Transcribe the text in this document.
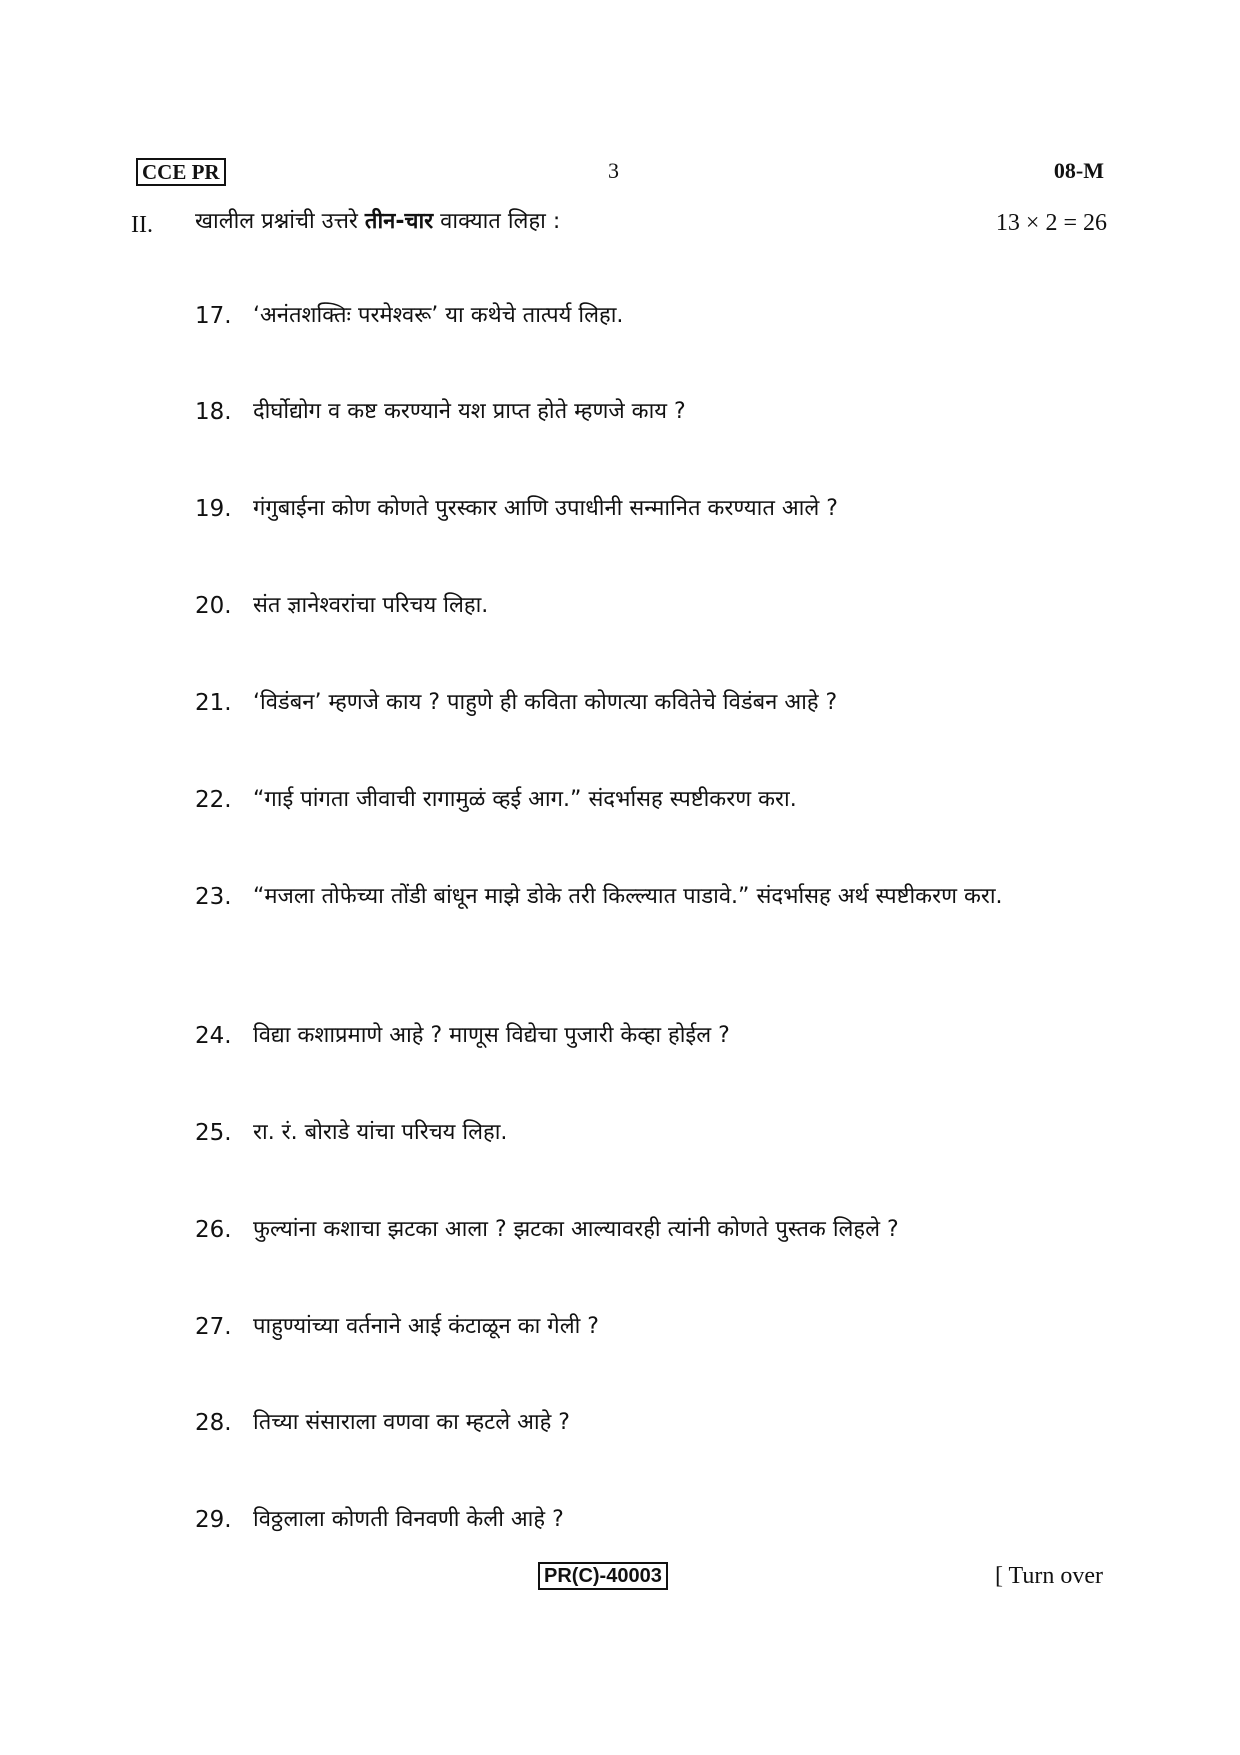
CCE PR	3	08-M
II. खालील प्रश्नांची उत्तरे तीन-चार वाक्यात लिहा :	13 × 2 = 26
17. ‘अनंतशक्तिः परमेश्वरू’ या कथेचे तात्पर्य लिहा.
18. दीर्घोद्योग व कष्ट करण्याने यश प्राप्त होते म्हणजे काय ?
19. गंगुबाईना कोण कोणते पुरस्कार आणि उपाधीनी सन्मानित करण्यात आले ?
20. संत ज्ञानेश्वरांचा परिचय लिहा.
21. ‘विडंबन’ म्हणजे काय ? पाहुणे ही कविता कोणत्या कवितेचे विडंबन आहे ?
22. “गाई पांगता जीवाची रागामुळं व्हई आग.” संदर्भासह स्पष्टीकरण करा.
23. “मजला तोफेच्या तोंडी बांधून माझे डोके तरी किल्ल्यात पाडावे.” संदर्भासह अर्थ स्पष्टीकरण करा.
24. विद्या कशाप्रमाणे आहे ? माणूस विद्येचा पुजारी केव्हा होईल ?
25. रा. रं. बोराडे यांचा परिचय लिहा.
26. फुल्यांना कशाचा झटका आला ? झटका आल्यावरही त्यांनी कोणते पुस्तक लिहले ?
27. पाहुण्यांच्या वर्तनाने आई कंटाळून का गेली ?
28. तिच्या संसाराला वणवा का म्हटले आहे ?
29. विठ्ठलाला कोणती विनवणी केली आहे ?
PR(C)-40003	[ Turn over
